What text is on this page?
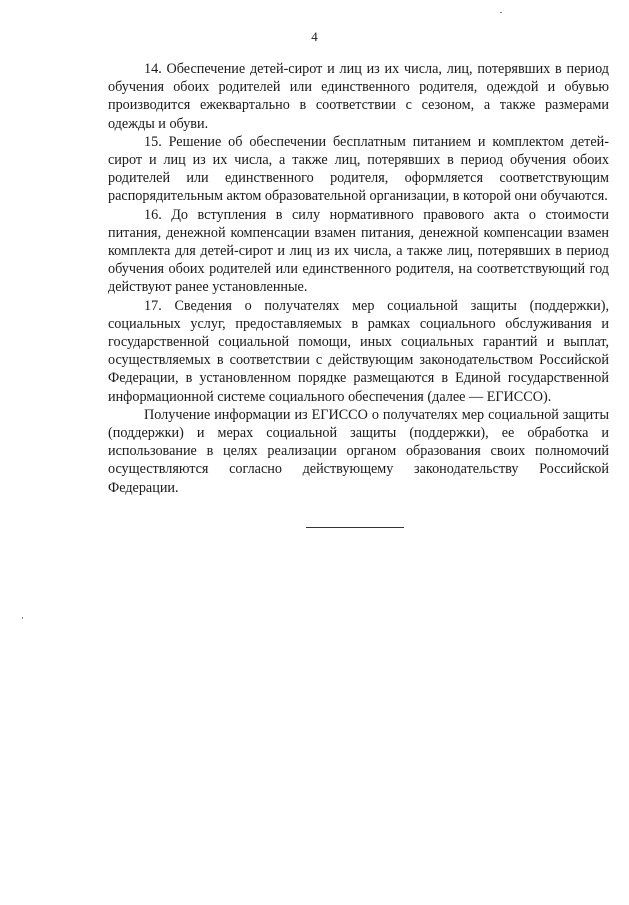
4

14. Обеспечение детей-сирот и лиц из их числа, лиц, потерявших в период обучения обоих родителей или единственного родителя, одеждой и обувью производится ежеквартально в соответствии с сезоном, а также размерами одежды и обуви.

15. Решение об обеспечении бесплатным питанием и комплектом детей-сирот и лиц из их числа, а также лиц, потерявших в период обучения обоих родителей или единственного родителя, оформляется соответствующим распорядительным актом образовательной организации, в которой они обучаются.

16. До вступления в силу нормативного правового акта о стоимости питания, денежной компенсации взамен питания, денежной компенсации взамен комплекта для детей-сирот и лиц из их числа, а также лиц, потерявших в период обучения обоих родителей или единственного родителя, на соответствующий год действуют ранее установленные.

17. Сведения о получателях мер социальной защиты (поддержки), социальных услуг, предоставляемых в рамках социального обслуживания и государственной социальной помощи, иных социальных гарантий и выплат, осуществляемых в соответствии с действующим законодательством Российской Федерации, в установленном порядке размещаются в Единой государственной информационной системе социального обеспечения (далее — ЕГИССО).

Получение информации из ЕГИССО о получателях мер социальной защиты (поддержки) и мерах социальной защиты (поддержки), ее обработка и использование в целях реализации органом образования своих полномочий осуществляются согласно действующему законодательству Российской Федерации.
